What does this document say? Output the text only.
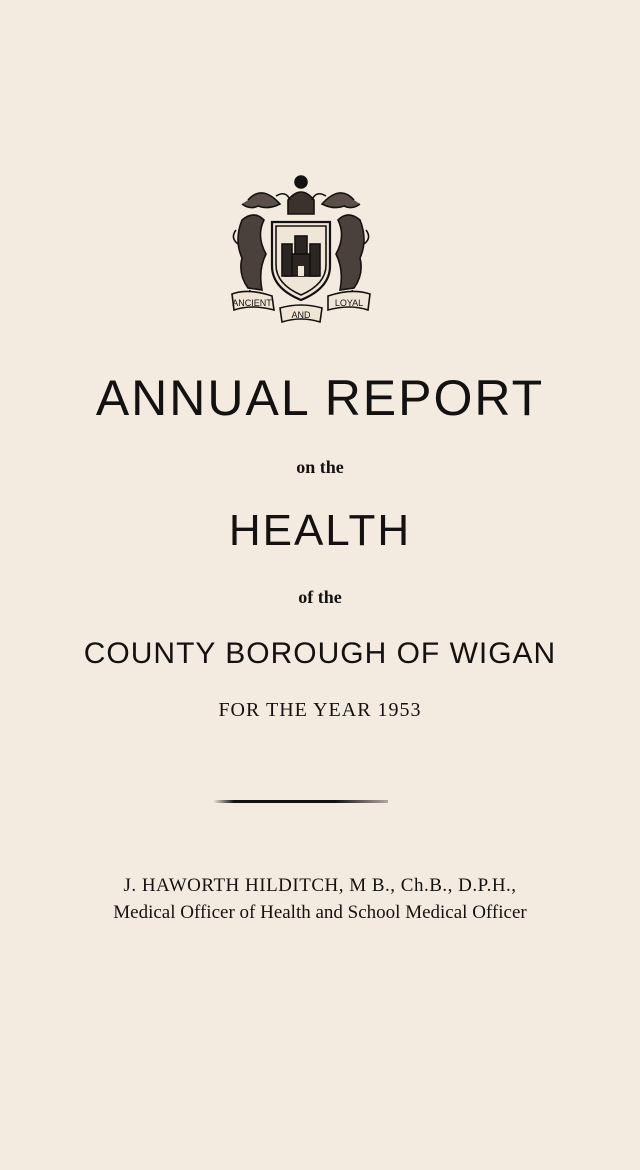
ANCIENT
AND
LOYAL
ANNUAL REPORT
on the
HEALTH
of the
COUNTY BOROUGH OF WIGAN
FOR THE YEAR 1953
J. HAWORTH HILDITCH, M B., Ch.B., D.P.H.,
Medical Officer of Health and School Medical Officer
